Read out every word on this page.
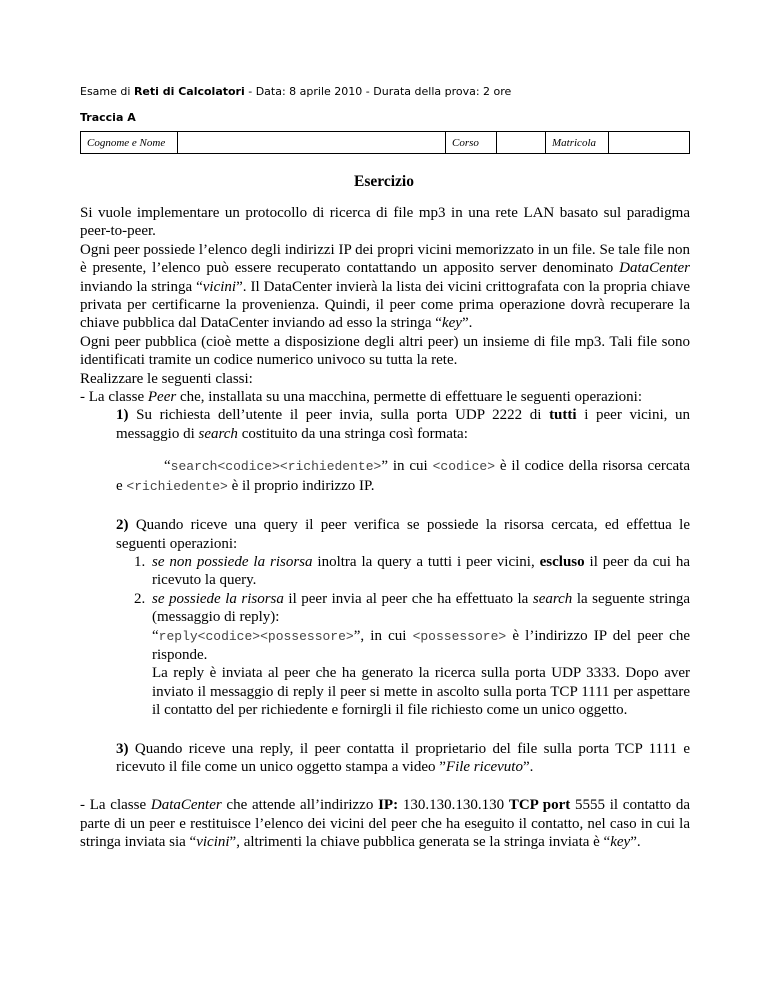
Esame di Reti di Calcolatori - Data: 8 aprile 2010 - Durata della prova: 2 ore
Traccia A
Cognome e Nome		Corso		Matricola	
Esercizio

Si vuole implementare un protocollo di ricerca di file mp3 in una rete LAN basato sul paradigma peer-to-peer.

Ogni peer possiede l’elenco degli indirizzi IP dei propri vicini memorizzato in un file. Se tale file non è presente, l’elenco può essere recuperato contattando un apposito server denominato DataCenter inviando la stringa “vicini”. Il DataCenter invierà la lista dei vicini crittografata con la propria chiave privata per certificarne la provenienza. Quindi, il peer come prima operazione dovrà recuperare la chiave pubblica dal DataCenter inviando ad esso la stringa “key”.

Ogni peer pubblica (cioè mette a disposizione degli altri peer) un insieme di file mp3. Tali file sono identificati tramite un codice numerico univoco su tutta la rete.

Realizzare le seguenti classi:

- La classe Peer che, installata su una macchina, permette di effettuare le seguenti operazioni:

1) Su richiesta dell’utente il peer invia, sulla porta UDP 2222 di tutti i peer vicini, un messaggio di search costituito da una stringa così formata:

“search<codice><richiedente>” in cui <codice> è il codice della risorsa cercata e <richiedente> è il proprio indirizzo IP.

2) Quando riceve una query il peer verifica se possiede la risorsa cercata, ed effettua le seguenti operazioni:

1. se non possiede la risorsa inoltra la query a tutti i peer vicini, escluso il peer da cui ha ricevuto la query.

2. se possiede la risorsa il peer invia al peer che ha effettuato la search la seguente stringa (messaggio di reply):

“reply<codice><possessore>”, in cui <possessore> è l’indirizzo IP del peer che risponde.

La reply è inviata al peer che ha generato la ricerca sulla porta UDP 3333. Dopo aver inviato il messaggio di reply il peer si mette in ascolto sulla porta TCP 1111 per aspettare il contatto del per richiedente e fornirgli il file richiesto come un unico oggetto.

3) Quando riceve una reply, il peer contatta il proprietario del file sulla porta TCP 1111 e ricevuto il file come un unico oggetto stampa a video ”File ricevuto”.

- La classe DataCenter che attende all’indirizzo IP: 130.130.130.130 TCP port 5555 il contatto da parte di un peer e restituisce l’elenco dei vicini del peer che ha eseguito il contatto, nel caso in cui la stringa inviata sia “vicini”, altrimenti la chiave pubblica generata se la stringa inviata è “key”.
